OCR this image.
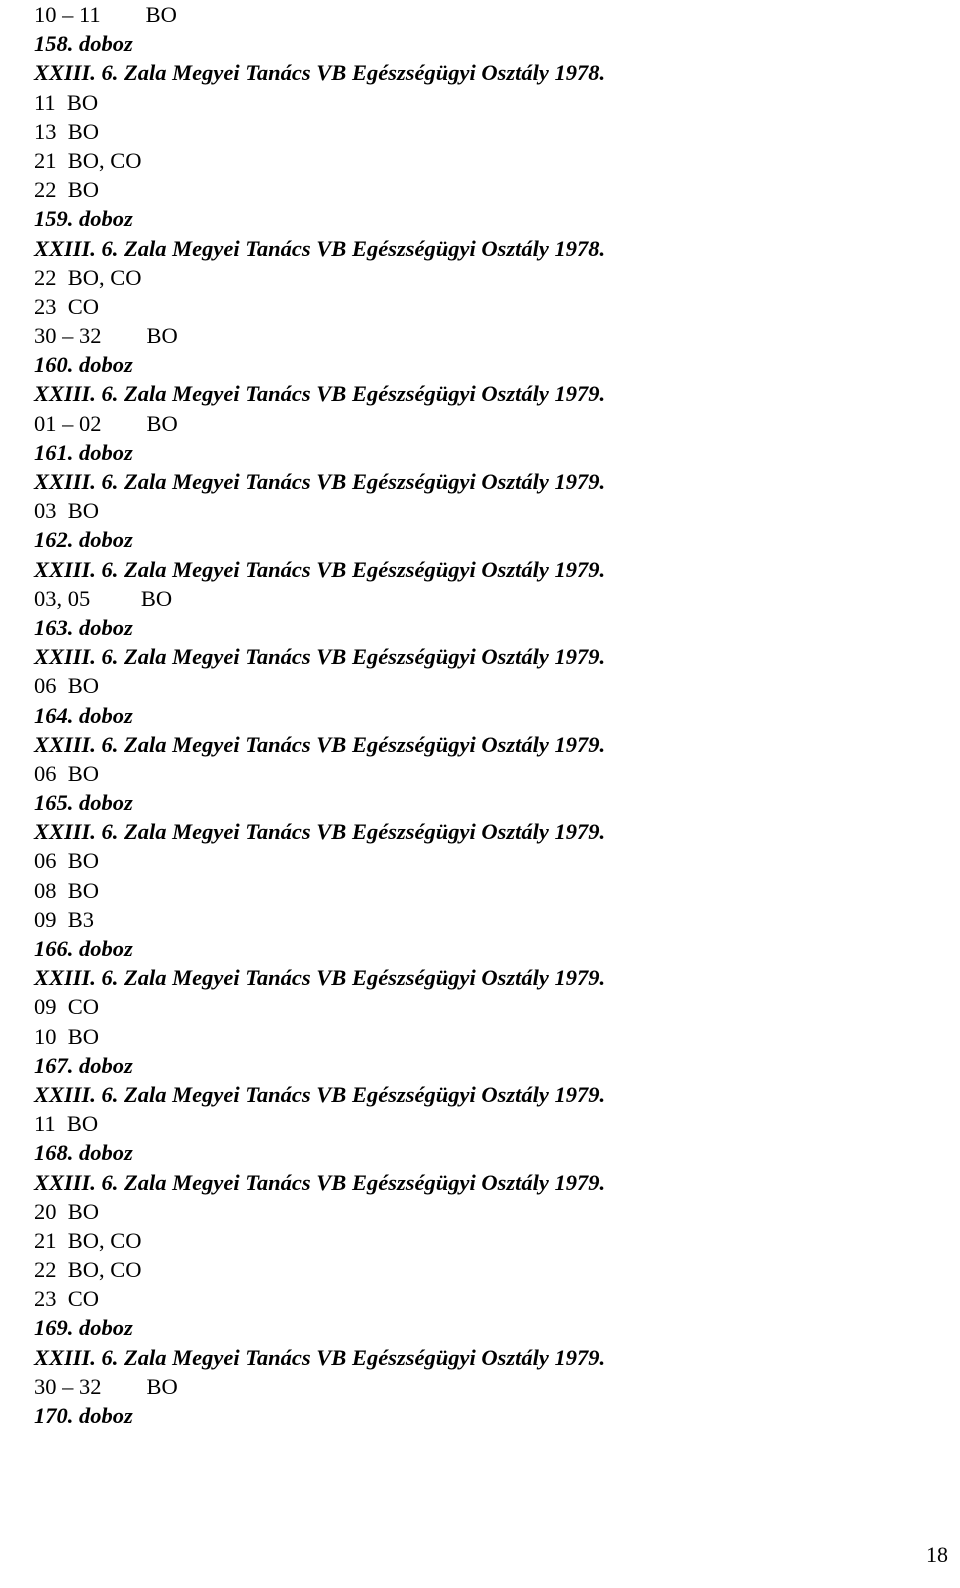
10 – 11        BO
158. doboz
XXIII. 6. Zala Megyei Tanács VB Egészségügyi Osztály 1978.
11  BO
13  BO
21  BO, CO
22  BO
159. doboz
XXIII. 6. Zala Megyei Tanács VB Egészségügyi Osztály 1978.
22  BO, CO
23  CO
30 – 32        BO
160. doboz
XXIII. 6. Zala Megyei Tanács VB Egészségügyi Osztály 1979.
01 – 02        BO
161. doboz
XXIII. 6. Zala Megyei Tanács VB Egészségügyi Osztály 1979.
03  BO
162. doboz
XXIII. 6. Zala Megyei Tanács VB Egészségügyi Osztály 1979.
03, 05         BO
163. doboz
XXIII. 6. Zala Megyei Tanács VB Egészségügyi Osztály 1979.
06  BO
164. doboz
XXIII. 6. Zala Megyei Tanács VB Egészségügyi Osztály 1979.
06  BO
165. doboz
XXIII. 6. Zala Megyei Tanács VB Egészségügyi Osztály 1979.
06  BO
08  BO
09  B3
166. doboz
XXIII. 6. Zala Megyei Tanács VB Egészségügyi Osztály 1979.
09  CO
10  BO
167. doboz
XXIII. 6. Zala Megyei Tanács VB Egészségügyi Osztály 1979.
11  BO
168. doboz
XXIII. 6. Zala Megyei Tanács VB Egészségügyi Osztály 1979.
20  BO
21  BO, CO
22  BO, CO
23  CO
169. doboz
XXIII. 6. Zala Megyei Tanács VB Egészségügyi Osztály 1979.
30 – 32        BO
170. doboz
18
